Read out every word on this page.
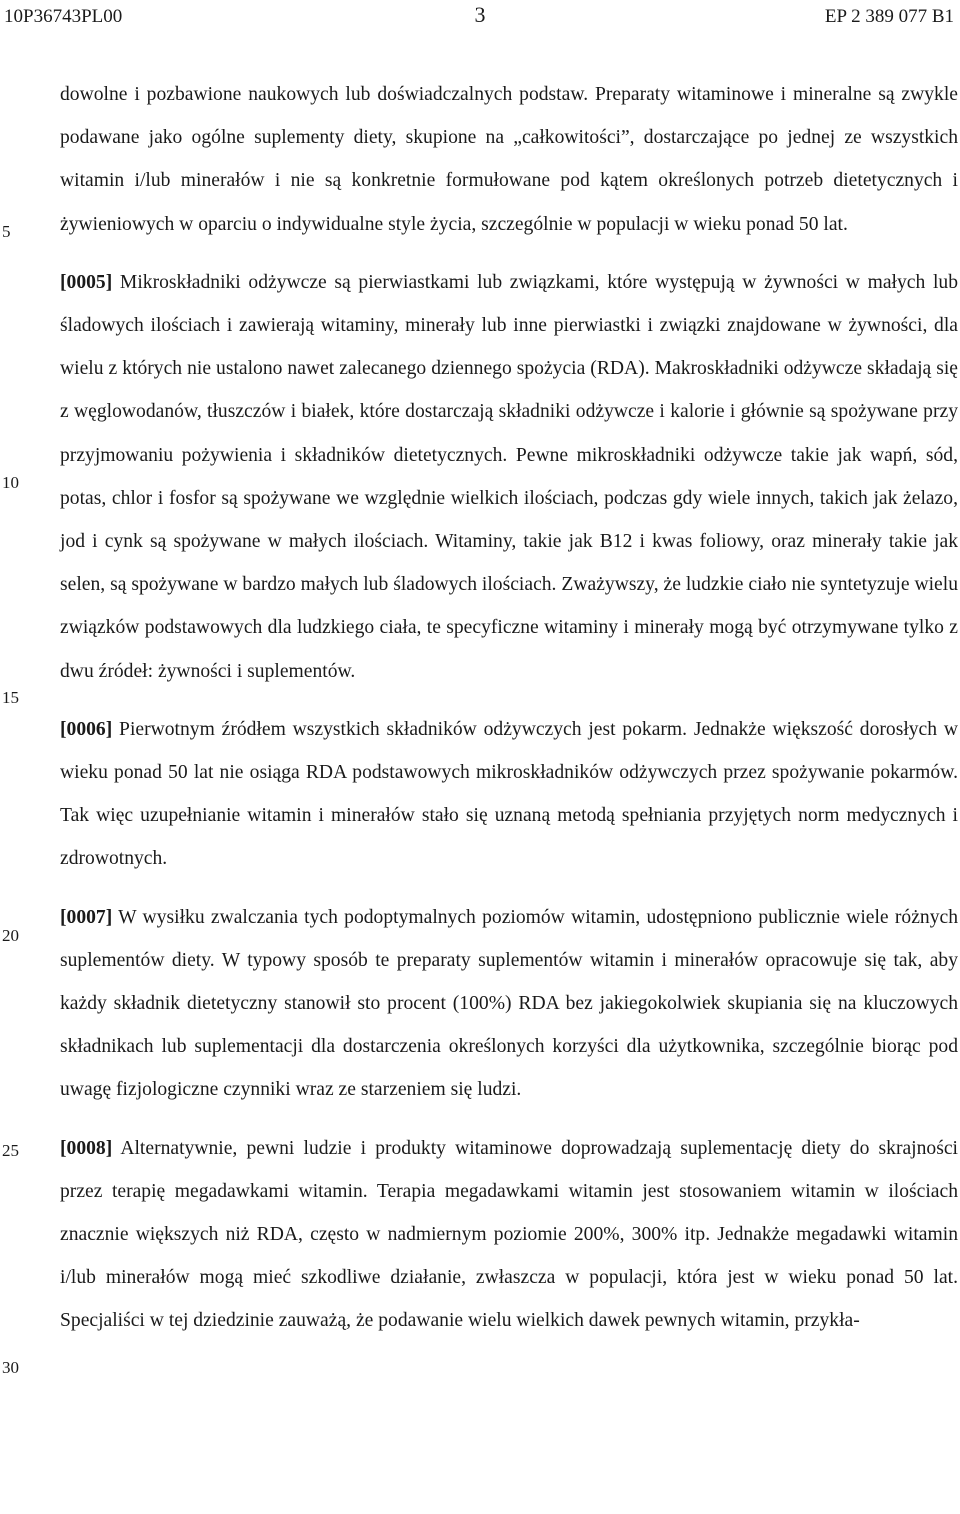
10P36743PL00	3	EP 2 389 077 B1
5
10
15
20
25
30

dowolne i pozbawione naukowych lub doświadczalnych podstaw. Preparaty witaminowe i mineralne są zwykle podawane jako ogólne suplementy diety, skupione na „całkowitości”, dostarczające po jednej ze wszystkich witamin i/lub minerałów i nie są konkretnie formułowane pod kątem określonych potrzeb dietetycznych i żywieniowych w oparciu o indywidualne style życia, szczególnie w populacji w wieku ponad 50 lat.

[0005] Mikroskładniki odżywcze są pierwiastkami lub związkami, które występują w żywności w małych lub śladowych ilościach i zawierają witaminy, minerały lub inne pierwiastki i związki znajdowane w żywności, dla wielu z których nie ustalono nawet zalecanego dziennego spożycia (RDA). Makroskładniki odżywcze składają się z węglowodanów, tłuszczów i białek, które dostarczają składniki odżywcze i kalorie i głównie są spożywane przy przyjmowaniu pożywienia i składników dietetycznych. Pewne mikroskładniki odżywcze takie jak wapń, sód, potas, chlor i fosfor są spożywane we względnie wielkich ilościach, podczas gdy wiele innych, takich jak żelazo, jod i cynk są spożywane w małych ilościach. Witaminy, takie jak B12 i kwas foliowy, oraz minerały takie jak selen, są spożywane w bardzo małych lub śladowych ilościach. Zważywszy, że ludzkie ciało nie syntetyzuje wielu związków podstawowych dla ludzkiego ciała, te specyficzne witaminy i minerały mogą być otrzymywane tylko z dwu źródeł: żywności i suplementów.

[0006] Pierwotnym źródłem wszystkich składników odżywczych jest pokarm. Jednakże większość dorosłych w wieku ponad 50 lat nie osiąga RDA podstawowych mikroskładników odżywczych przez spożywanie pokarmów. Tak więc uzupełnianie witamin i minerałów stało się uznaną metodą spełniania przyjętych norm medycznych i zdrowotnych.

[0007] W wysiłku zwalczania tych podoptymalnych poziomów witamin, udostępniono publicznie wiele różnych suplementów diety. W typowy sposób te preparaty suplementów witamin i minerałów opracowuje się tak, aby każdy składnik dietetyczny stanowił sto procent (100%) RDA bez jakiegokolwiek skupiania się na kluczowych składnikach lub suplementacji dla dostarczenia określonych korzyści dla użytkownika, szczególnie biorąc pod uwagę fizjologiczne czynniki wraz ze starzeniem się ludzi.

[0008] Alternatywnie, pewni ludzie i produkty witaminowe doprowadzają suplementację diety do skrajności przez terapię megadawkami witamin. Terapia megadawkami witamin jest stosowaniem witamin w ilościach znacznie większych niż RDA, często w nadmiernym poziomie 200%, 300% itp. Jednakże megadawki witamin i/lub minerałów mogą mieć szkodliwe działanie, zwłaszcza w populacji, która jest w wieku ponad 50 lat. Specjaliści w tej dziedzinie zauważą, że podawanie wielu wielkich dawek pewnych witamin, przykła-
